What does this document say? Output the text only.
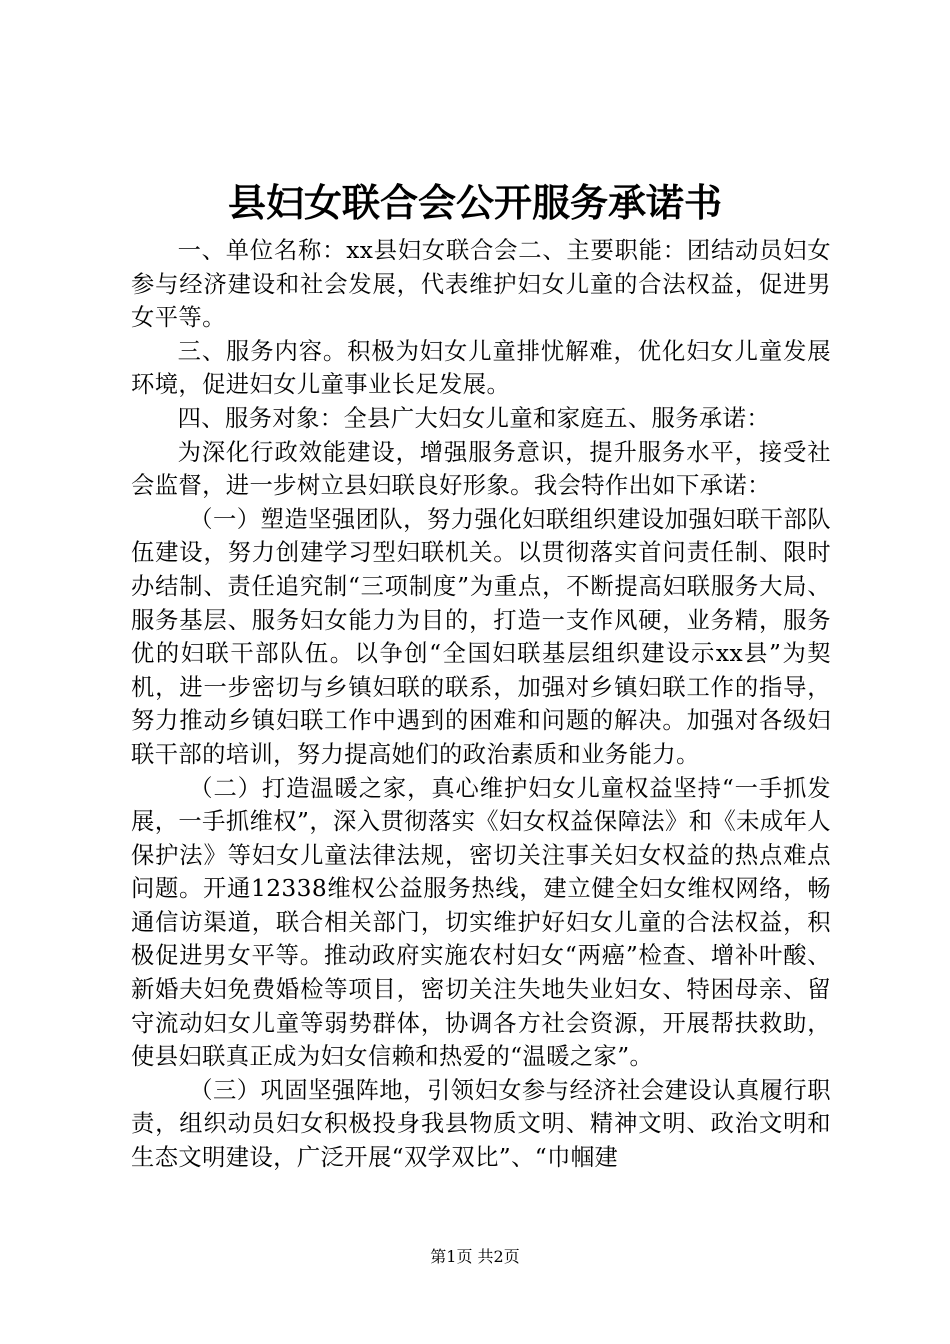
县妇女联合会公开服务承诺书

一、单位名称：xx县妇女联合会二、主要职能：团结动员妇女参与经济建设和社会发展，代表维护妇女儿童的合法权益，促进男女平等。

三、服务内容。积极为妇女儿童排忧解难，优化妇女儿童发展环境，促进妇女儿童事业长足发展。

四、服务对象：全县广大妇女儿童和家庭五、服务承诺：

为深化行政效能建设，增强服务意识，提升服务水平，接受社会监督，进一步树立县妇联良好形象。我会特作出如下承诺：

（一）塑造坚强团队，努力强化妇联组织建设加强妇联干部队伍建设，努力创建学习型妇联机关。以贯彻落实首问责任制、限时办结制、责任追究制“三项制度”为重点，不断提高妇联服务大局、服务基层、服务妇女能力为目的，打造一支作风硬，业务精，服务优的妇联干部队伍。以争创“全国妇联基层组织建设示xx县”为契机，进一步密切与乡镇妇联的联系，加强对乡镇妇联工作的指导，努力推动乡镇妇联工作中遇到的困难和问题的解决。加强对各级妇联干部的培训，努力提高她们的政治素质和业务能力。

（二）打造温暖之家，真心维护妇女儿童权益坚持“一手抓发展，一手抓维权”，深入贯彻落实《妇女权益保障法》和《未成年人保护法》等妇女儿童法律法规，密切关注事关妇女权益的热点难点问题。开通12338维权公益服务热线，建立健全妇女维权网络，畅通信访渠道，联合相关部门，切实维护好妇女儿童的合法权益，积极促进男女平等。推动政府实施农村妇女“两癌”检查、增补叶酸、新婚夫妇免费婚检等项目，密切关注失地失业妇女、特困母亲、留守流动妇女儿童等弱势群体，协调各方社会资源，开展帮扶救助，使县妇联真正成为妇女信赖和热爱的“温暖之家”。

（三）巩固坚强阵地，引领妇女参与经济社会建设认真履行职责，组织动员妇女积极投身我县物质文明、精神文明、政治文明和生态文明建设，广泛开展“双学双比”、“巾帼建

第1页 共2页
